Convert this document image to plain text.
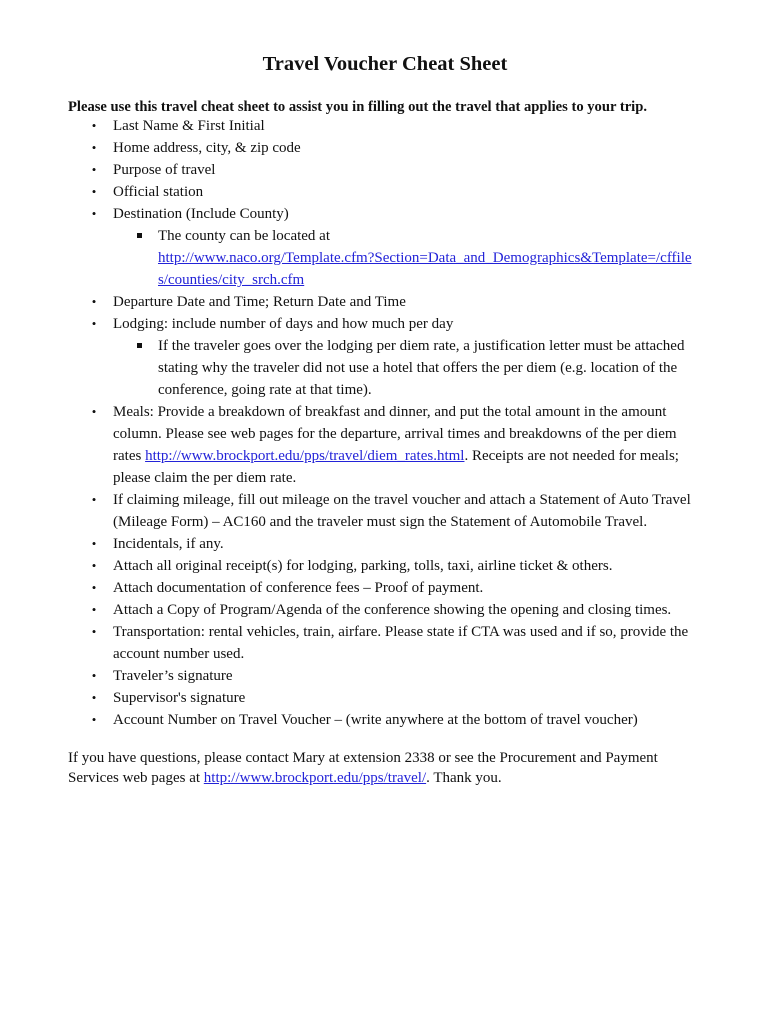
Travel Voucher Cheat Sheet
Please use this travel cheat sheet to assist you in filling out the travel that applies to your trip.
• Last Name & First Initial
• Home address, city, & zip code
• Purpose of travel
• Official station
• Destination (Include County)
The county can be located at
http://www.naco.org/Template.cfm?Section=Data_and_Demographics&Template=/cffile
s/counties/city_srch.cfm
• Departure Date and Time; Return Date and Time
• Lodging: include number of days and how much per day
If the traveler goes over the lodging per diem rate, a justification letter must be attached
stating why the traveler did not use a hotel that offers the per diem (e.g. location of the
conference, going rate at that time).
• Meals: Provide a breakdown of breakfast and dinner, and put the total amount in the amount
column. Please see web pages for the departure, arrival times and breakdowns of the per diem
rates http://www.brockport.edu/pps/travel/diem_rates.html. Receipts are not needed for meals;
please claim the per diem rate.
• If claiming mileage, fill out mileage on the travel voucher and attach a Statement of Auto Travel
(Mileage Form) – AC160 and the traveler must sign the Statement of Automobile Travel.
• Incidentals, if any.
• Attach all original receipt(s) for lodging, parking, tolls, taxi, airline ticket & others.
• Attach documentation of conference fees – Proof of payment.
• Attach a Copy of Program/Agenda of the conference showing the opening and closing times.
• Transportation: rental vehicles, train, airfare. Please state if CTA was used and if so, provide the
account number used.
• Traveler’s signature
• Supervisor's signature
• Account Number on Travel Voucher – (write anywhere at the bottom of travel voucher)
If you have questions, please contact Mary at extension 2338 or see the Procurement and Payment
Services web pages at http://www.brockport.edu/pps/travel/. Thank you.
